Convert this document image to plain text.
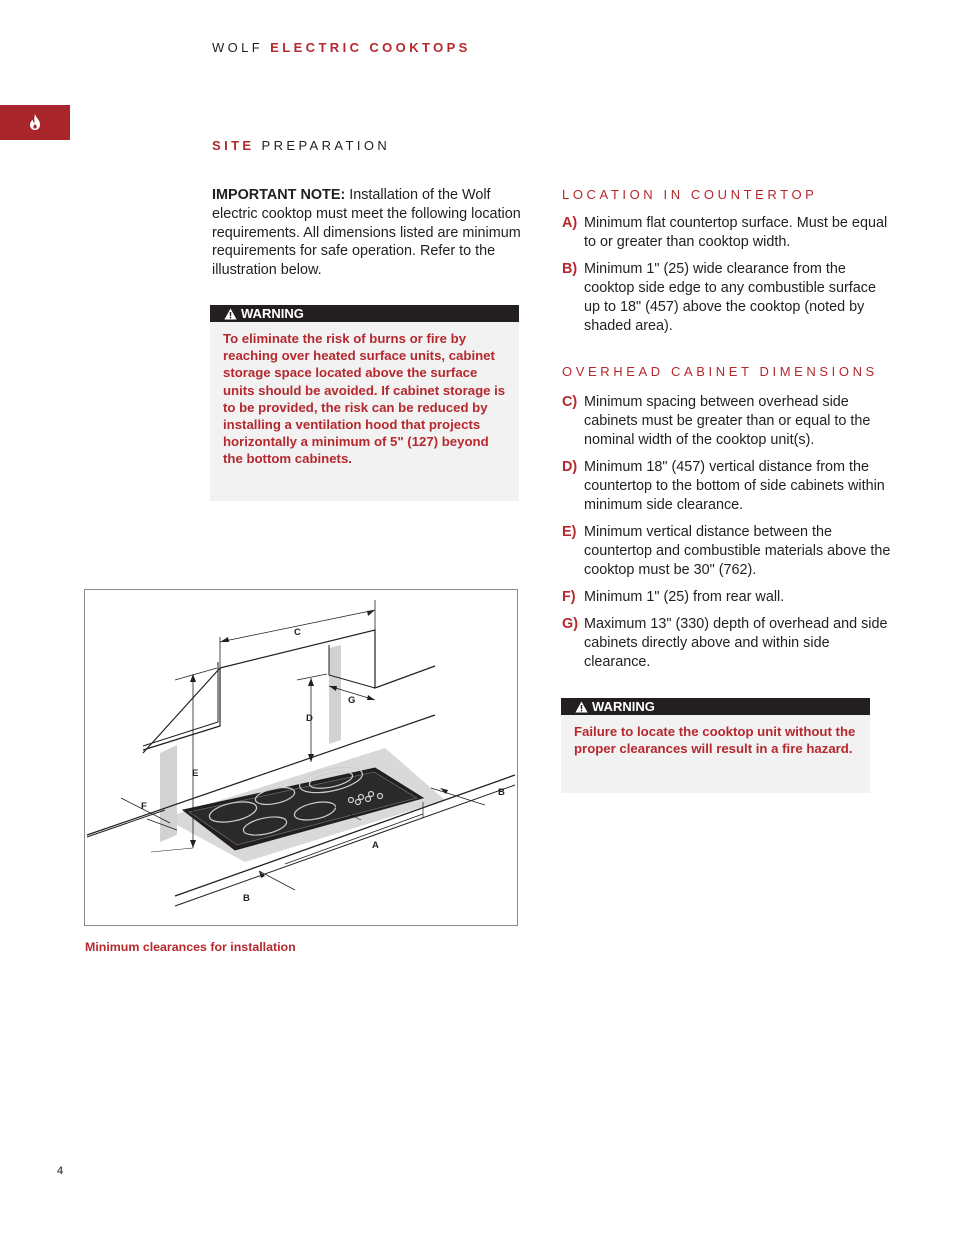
WOLF ELECTRIC COOKTOPS
SITE PREPARATION
IMPORTANT NOTE: Installation of the Wolf electric cooktop must meet the following location requirements. All dimensions listed are minimum requirements for safe operation. Refer to the illustration below.
WARNING
To eliminate the risk of burns or fire by reaching over heated surface units, cabinet storage space located above the surface units should be avoided. If cabinet storage is to be provided, the risk can be reduced by installing a ventilation hood that projects horizontally a minimum of 5" (127) beyond the bottom cabinets.
LOCATION IN COUNTERTOP
A) Minimum flat countertop surface. Must be equal to or greater than cooktop width.
B) Minimum 1" (25) wide clearance from the cooktop side edge to any combustible surface up to 18" (457) above the cooktop (noted by shaded area).
OVERHEAD CABINET DIMENSIONS
C) Minimum spacing between overhead side cabinets must be greater than or equal to the nominal width of the cooktop unit(s).
D) Minimum 18" (457) vertical distance from the countertop to the bottom of side cabinets within minimum side clearance.
E) Minimum vertical distance between the countertop and combustible materials above the cooktop must be 30" (762).
F) Minimum 1" (25) from rear wall.
G) Maximum 13" (330) depth of overhead and side cabinets directly above and within side clearance.
WARNING
Failure to locate the cooktop unit without the proper clearances will result in a fire hazard.
C
E
D
G
F
A
B
B
Minimum clearances for installation
4
